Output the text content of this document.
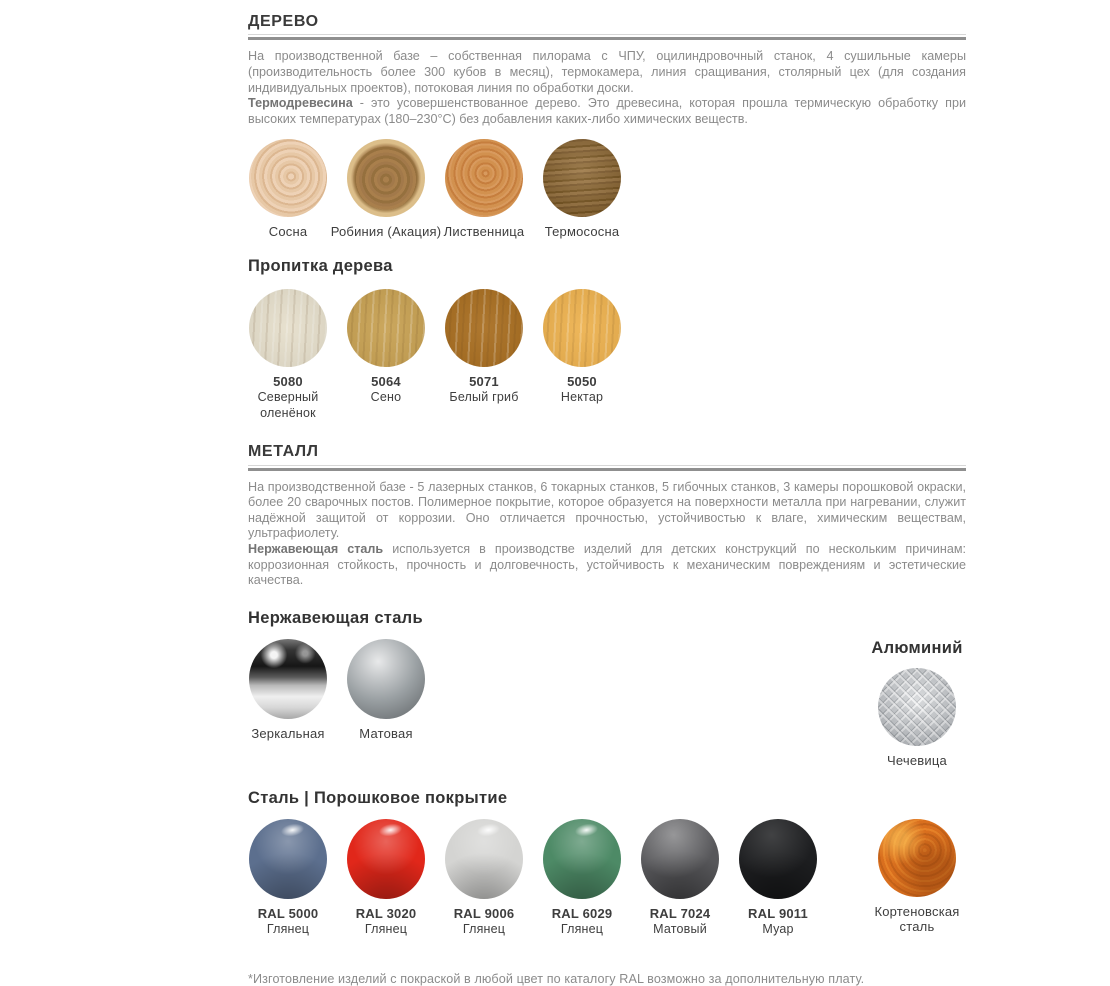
ДЕРЕВО

На производственной базе – собственная пилорама с ЧПУ, оцилиндровочный станок, 4 сушильные камеры (производительность более 300 кубов в месяц), термокамера, линия сращивания, столярный цех (для создания индивидуальных проектов), потоковая линия по обработки доски.

Термодревесина - это усовершенствованное дерево. Это древесина, которая прошла термическую обработку при высоких температурах (180–230°C) без добавления каких-либо химических веществ.

Сосна Робиния (Акация) Лиственница Термососна
Пропитка дерева
5080
Северный оленёнок
5064
Сено
5071
Белый гриб
5050
Нектар
МЕТАЛЛ

На производственной базе - 5 лазерных станков, 6 токарных станков, 5 гибочных станков, 3 камеры порошковой окраски, более 20 сварочных постов. Полимерное покрытие, которое образуется на поверхности металла при нагревании, служит надёжной защитой от коррозии. Оно отличается прочностью, устойчивостью к влаге, химическим веществам, ультрафиолету.

Нержавеющая сталь используется в производстве изделий для детских конструкций по нескольким причинам: коррозионная стойкость, прочность и долговечность, устойчивость к механическим повреждениям и эстетические качества.

Нержавеющая сталь
Зеркальная	Матовая
Алюминий
Чечевица
Сталь | Порошковое покрытие
RAL 5000
Глянец
RAL 3020
Глянец
RAL 9006
Глянец
RAL 6029
Глянец
RAL 7024
Матовый
RAL 9011
Муар
Кортеновская сталь

*Изготовление изделий с покраской в любой цвет по каталогу RAL возможно за дополнительную плату.
